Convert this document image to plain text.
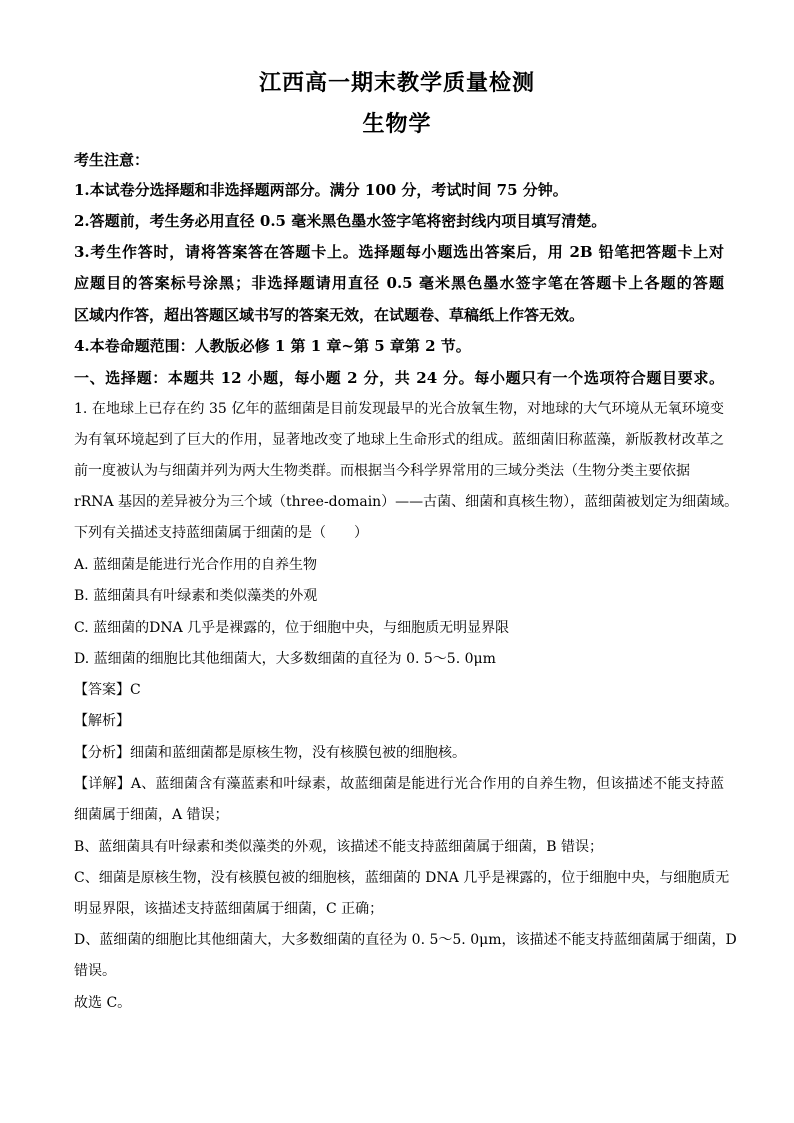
江西高一期末教学质量检测
生物学
考生注意：
1.本试卷分选择题和非选择题两部分。满分 100 分，考试时间 75 分钟。
2.答题前，考生务必用直径 0.5 毫米黑色墨水签字笔将密封线内项目填写清楚。
3.考生作答时，请将答案答在答题卡上。选择题每小题选出答案后，用 2B 铅笔把答题卡上对
应题目的答案标号涂黑；非选择题请用直径 0.5 毫米黑色墨水签字笔在答题卡上各题的答题
区域内作答，超出答题区域书写的答案无效，在试题卷、草稿纸上作答无效。
4.本卷命题范围：人教版必修 1 第 1 章~第 5 章第 2 节。
一、选择题：本题共 12 小题，每小题 2 分，共 24 分。每小题只有一个选项符合题目要求。
1. 在地球上已存在约 35 亿年的蓝细菌是目前发现最早的光合放氧生物，对地球的大气环境从无氧环境变
为有氧环境起到了巨大的作用，显著地改变了地球上生命形式的组成。蓝细菌旧称蓝藻，新版教材改革之
前一度被认为与细菌并列为两大生物类群。而根据当今科学界常用的三域分类法（生物分类主要依据
rRNA 基因的差异被分为三个域（three-domain）——古菌、细菌和真核生物），蓝细菌被划定为细菌域。
下列有关描述支持蓝细菌属于细菌的是（　　）
A. 蓝细菌是能进行光合作用的自养生物
B. 蓝细菌具有叶绿素和类似藻类的外观
C. 蓝细菌的DNA 几乎是裸露的，位于细胞中央，与细胞质无明显界限
D. 蓝细菌的细胞比其他细菌大，大多数细菌的直径为 0. 5～5. 0μm
【答案】C
【解析】
【分析】细菌和蓝细菌都是原核生物，没有核膜包被的细胞核。
【详解】A、蓝细菌含有藻蓝素和叶绿素，故蓝细菌是能进行光合作用的自养生物，但该描述不能支持蓝
细菌属于细菌，A 错误；
B、蓝细菌具有叶绿素和类似藻类的外观，该描述不能支持蓝细菌属于细菌，B 错误；
C、细菌是原核生物，没有核膜包被的细胞核，蓝细菌的 DNA 几乎是裸露的，位于细胞中央，与细胞质无
明显界限，该描述支持蓝细菌属于细菌，C 正确；
D、蓝细菌的细胞比其他细菌大，大多数细菌的直径为 0. 5～5. 0μm，该描述不能支持蓝细菌属于细菌，D
错误。
故选 C。
